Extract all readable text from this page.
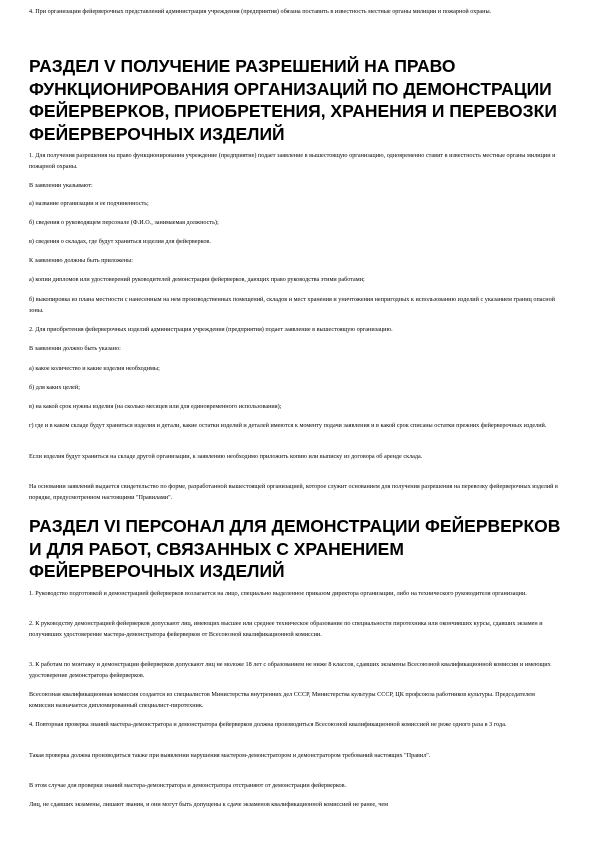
4. При организации фейерверочных представлений администрация учреждения (предприятия) обязана поставить в известность местные органы милиции и пожарной охраны.

РАЗДЕЛ V ПОЛУЧЕНИЕ РАЗРЕШЕНИЙ НА ПРАВО ФУНКЦИОНИРОВАНИЯ ОРГАНИЗАЦИЙ ПО ДЕМОНСТРАЦИИ ФЕЙЕРВЕРКОВ, ПРИОБРЕТЕНИЯ, ХРАНЕНИЯ И ПЕРЕВОЗКИ ФЕЙЕРВЕРОЧНЫХ ИЗДЕЛИЙ

1. Для получения разрешения на право функционирования учреждение (предприятие) подает заявление в вышестоящую организацию, одновременно ставит в известность местные органы милиции и пожарной охраны.

В заявлении указывают:

а) название организации и ее подчиненность;

б) сведения о руководящем персонале (Ф.И.О., занимаемая должность);

в) сведения о складах, где будут храниться изделия для фейерверков.

К заявлению должны быть приложены:

а) копии дипломов или удостоверений руководителей демонстрации фейерверков, дающих право руководства этими работами;

б) выкопировка из плана местности с нанесенным на нем производственных помещений, складов и мест хранения и уничтожения непригодных к использованию изделий с указанием границ опасной зоны.

2. Для приобретения фейерверочных изделий администрация учреждения (предприятия) подает заявление в вышестоящую организацию.

В заявлении должно быть указано:

а) какое количество и какие изделия необходимы;

б) для каких целей;

в) на какой срок нужны изделия (на сколько месяцев или для единовременного использования);

г) где и в каком складе будут храниться изделия и детали, какие остатки изделий и деталей имеются к моменту подачи заявления и в какой срок списаны остатки прежних фейерверочных изделий.

Если изделия будут храниться на складе другой организации, к заявлению необходимо приложить копию или выписку из договора об аренде склада.

На основании заявлений выдается свидетельство по форме, разработанной вышестоящей организацией, которое служит основанием для получения разрешения на перевозку фейерверочных изделий в порядке, предусмотренном настоящими "Правилами".

РАЗДЕЛ VI ПЕРСОНАЛ ДЛЯ ДЕМОНСТРАЦИИ ФЕЙЕРВЕРКОВ И ДЛЯ РАБОТ, СВЯЗАННЫХ С ХРАНЕНИЕМ ФЕЙЕРВЕРОЧНЫХ ИЗДЕЛИЙ

1. Руководство подготовкой и демонстрацией фейерверков возлагается на лицо, специально выделенное приказом директора организации, либо на технического руководителя организации.

2. К руководству демонстрацией фейерверков допускают лиц, имеющих высшее или среднее техническое образование по специальности пиротехника или окончивших курсы, сдавших экзамен и получивших удостоверение мастера-демонстратора фейерверков от Всесоюзной квалификационной комиссии.

3. К работам по монтажу и демонстрации фейерверков допускают лиц не моложе 18 лет с образованием не ниже 8 классов, сдавших экзамены Всесоюзной квалификационной комиссии и имеющих удостоверение демонстратора фейерверков.

Всесоюзная квалификационная комиссия создается из специалистов Министерства внутренних дел СССР, Министерства культуры СССР, ЦК профсоюза работников культуры. Председателем комиссии назначается дипломированный специалист-пиротехник.

4. Повторная проверка знаний мастера-демонстратора и демонстратора фейерверков должна производиться Всесоюзной квалификационной комиссией не реже одного раза в 3 года.

Такая проверка должна производиться также при выявлении нарушения мастером-демонстратором и демонстратором требований настоящих "Правил".

В этом случае для проверки знаний мастера-демонстратора и демонстратора отстраняют от демонстрации фейерверков.

Лиц, не сдавших экзамены, лишают звания, и они могут быть допущены к сдаче экзаменов квалификационной комиссией не ранее, чем
